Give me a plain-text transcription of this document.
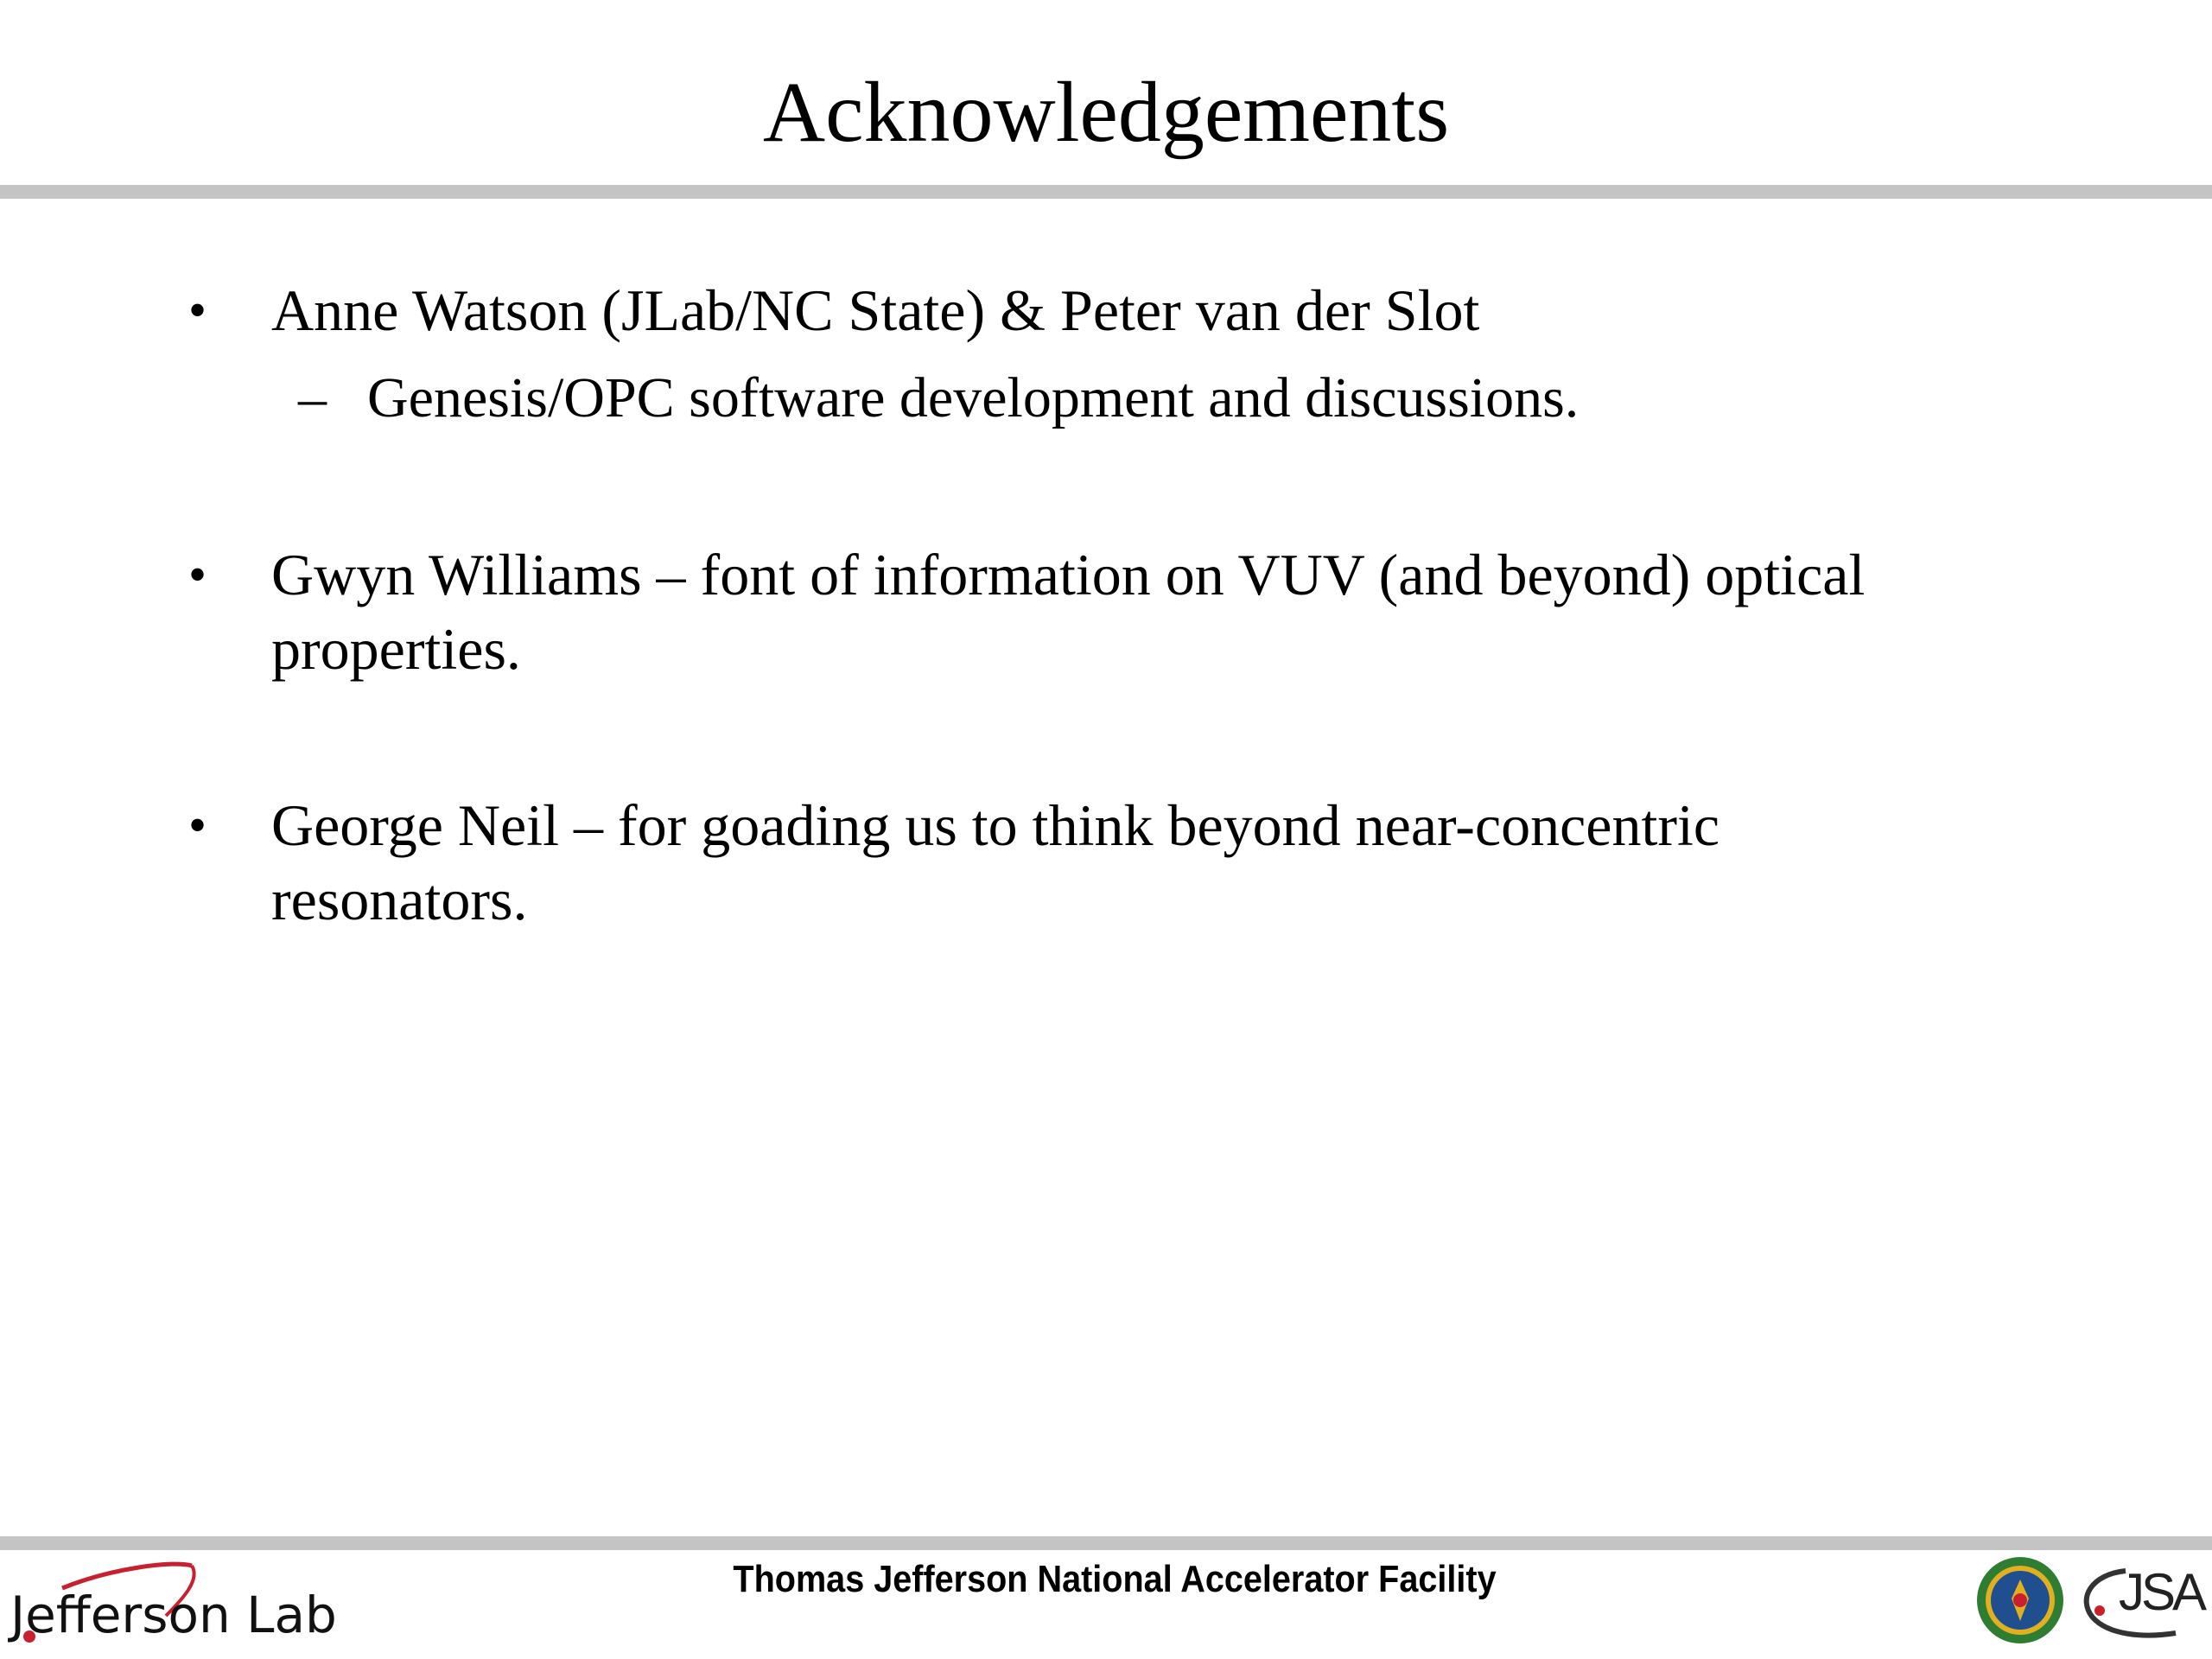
Acknowledgements
• Anne Watson (JLab/NC State) & Peter van der Slot
– Genesis/OPC software development and discussions.
• Gwyn Williams – font of information on VUV (and beyond) optical
properties.
• George Neil – for goading us to think beyond near-concentric
resonators.
Jefferson Lab
Thomas Jefferson National Accelerator Facility	JSA
